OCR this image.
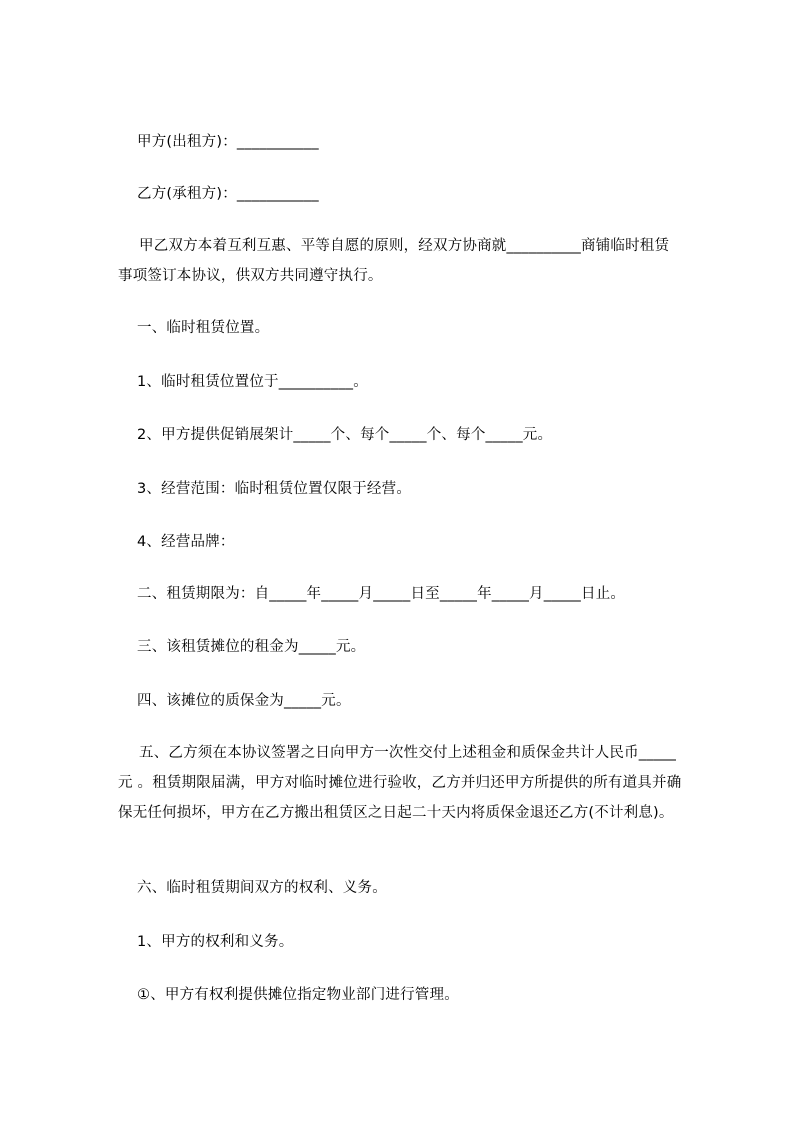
甲方(出租方)：___________
乙方(承租方)：___________
甲乙双方本着互利互惠、平等自愿的原则，经双方协商就__________商铺临时租赁事项签订本协议，供双方共同遵守执行。
一、临时租赁位置。
1、临时租赁位置位于__________。
2、甲方提供促销展架计_____个、每个_____个、每个_____元。
3、经营范围：临时租赁位置仅限于经营。
4、经营品牌：
二、租赁期限为：自_____年_____月_____日至_____年_____月_____日止。
三、该租赁摊位的租金为_____元。
四、该摊位的质保金为_____元。
五、乙方须在本协议签署之日向甲方一次性交付上述租金和质保金共计人民币_____元 。租赁期限届满，甲方对临时摊位进行验收，乙方并归还甲方所提供的所有道具并确保无任何损坏，甲方在乙方搬出租赁区之日起二十天内将质保金退还乙方(不计利息)。
六、临时租赁期间双方的权利、义务。
1、甲方的权利和义务。
①、甲方有权利提供摊位指定物业部门进行管理。
